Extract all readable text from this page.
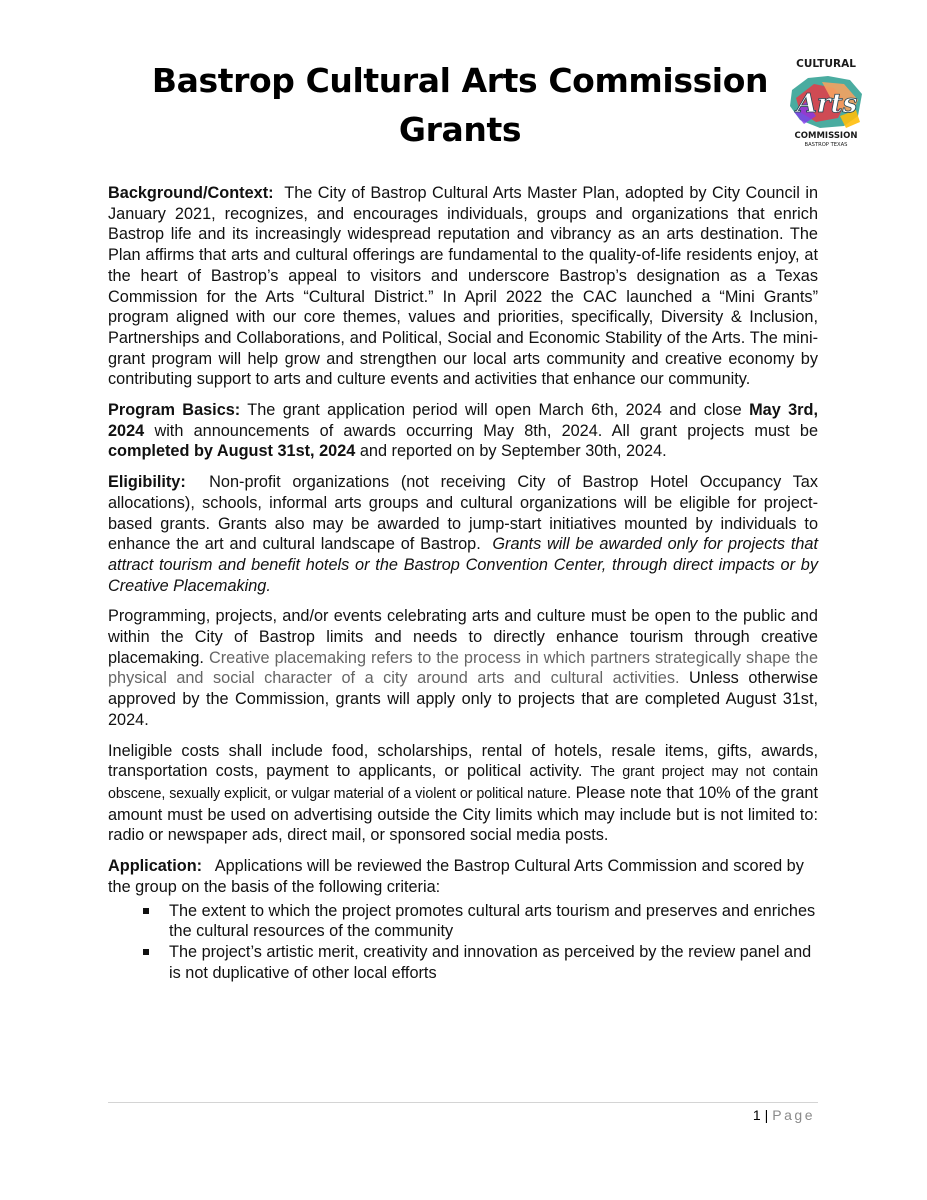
Bastrop Cultural Arts Commission
Grants
CULTURAL
Arts
COMMISSION
BASTROP TEXAS

Background/Context: The City of Bastrop Cultural Arts Master Plan, adopted by City Council in January 2021, recognizes, and encourages individuals, groups and organizations that enrich Bastrop life and its increasingly widespread reputation and vibrancy as an arts destination. The Plan affirms that arts and cultural offerings are fundamental to the quality-of-life residents enjoy, at the heart of Bastrop’s appeal to visitors and underscore Bastrop’s designation as a Texas Commission for the Arts “Cultural District.” In April 2022 the CAC launched a “Mini Grants” program aligned with our core themes, values and priorities, specifically, Diversity & Inclusion, Partnerships and Collaborations, and Political, Social and Economic Stability of the Arts. The mini-grant program will help grow and strengthen our local arts community and creative economy by contributing support to arts and culture events and activities that enhance our community.

Program Basics: The grant application period will open March 6th, 2024 and close May 3rd, 2024 with announcements of awards occurring May 8th, 2024. All grant projects must be completed by August 31st, 2024 and reported on by September 30th, 2024.

Eligibility: Non-profit organizations (not receiving City of Bastrop Hotel Occupancy Tax allocations), schools, informal arts groups and cultural organizations will be eligible for project-based grants. Grants also may be awarded to jump-start initiatives mounted by individuals to enhance the art and cultural landscape of Bastrop. Grants will be awarded only for projects that attract tourism and benefit hotels or the Bastrop Convention Center, through direct impacts or by Creative Placemaking.

Programming, projects, and/or events celebrating arts and culture must be open to the public and within the City of Bastrop limits and needs to directly enhance tourism through creative placemaking. Creative placemaking refers to the process in which partners strategically shape the physical and social character of a city around arts and cultural activities. Unless otherwise approved by the Commission, grants will apply only to projects that are completed August 31st, 2024.

Ineligible costs shall include food, scholarships, rental of hotels, resale items, gifts, awards, transportation costs, payment to applicants, or political activity. The grant project may not contain obscene, sexually explicit, or vulgar material of a violent or political nature. Please note that 10% of the grant amount must be used on advertising outside the City limits which may include but is not limited to: radio or newspaper ads, direct mail, or sponsored social media posts.

Application: Applications will be reviewed the Bastrop Cultural Arts Commission and scored by the group on the basis of the following criteria:

The extent to which the project promotes cultural arts tourism and preserves and enriches the cultural resources of the community
The project’s artistic merit, creativity and innovation as perceived by the review panel and is not duplicative of other local efforts
1 | Page
